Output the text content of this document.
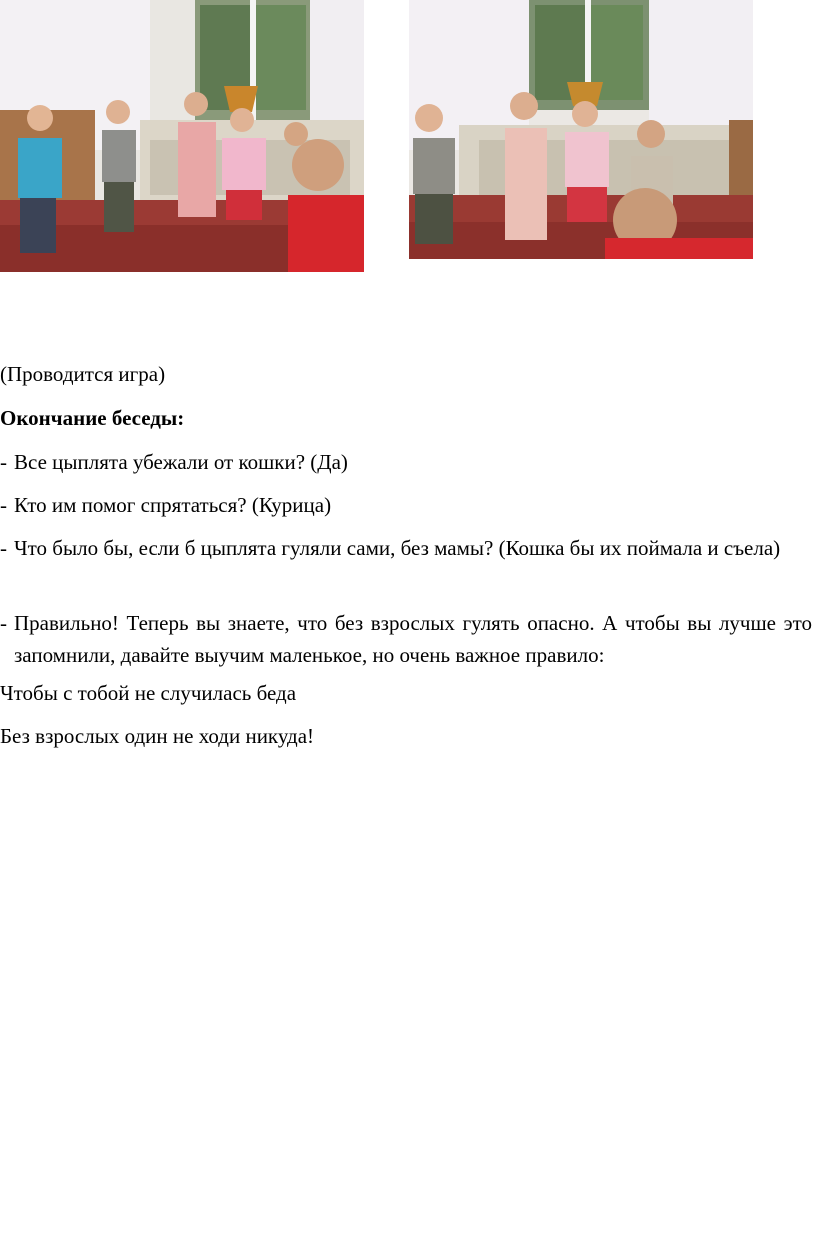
(Проводится игра)
Окончание беседы:
- Все цыплята убежали от кошки? (Да)
- Кто им помог спрятаться? (Курица)
- Что было бы, если б цыплята гуляли сами, без мамы? (Кошка бы их поймала и съела)
- Правильно! Теперь вы знаете, что без взрослых гулять опасно. А чтобы вы лучше это запомнили, давайте выучим маленькое, но очень важное правило:
Чтобы с тобой не случилась беда
Без взрослых один не ходи никуда!
